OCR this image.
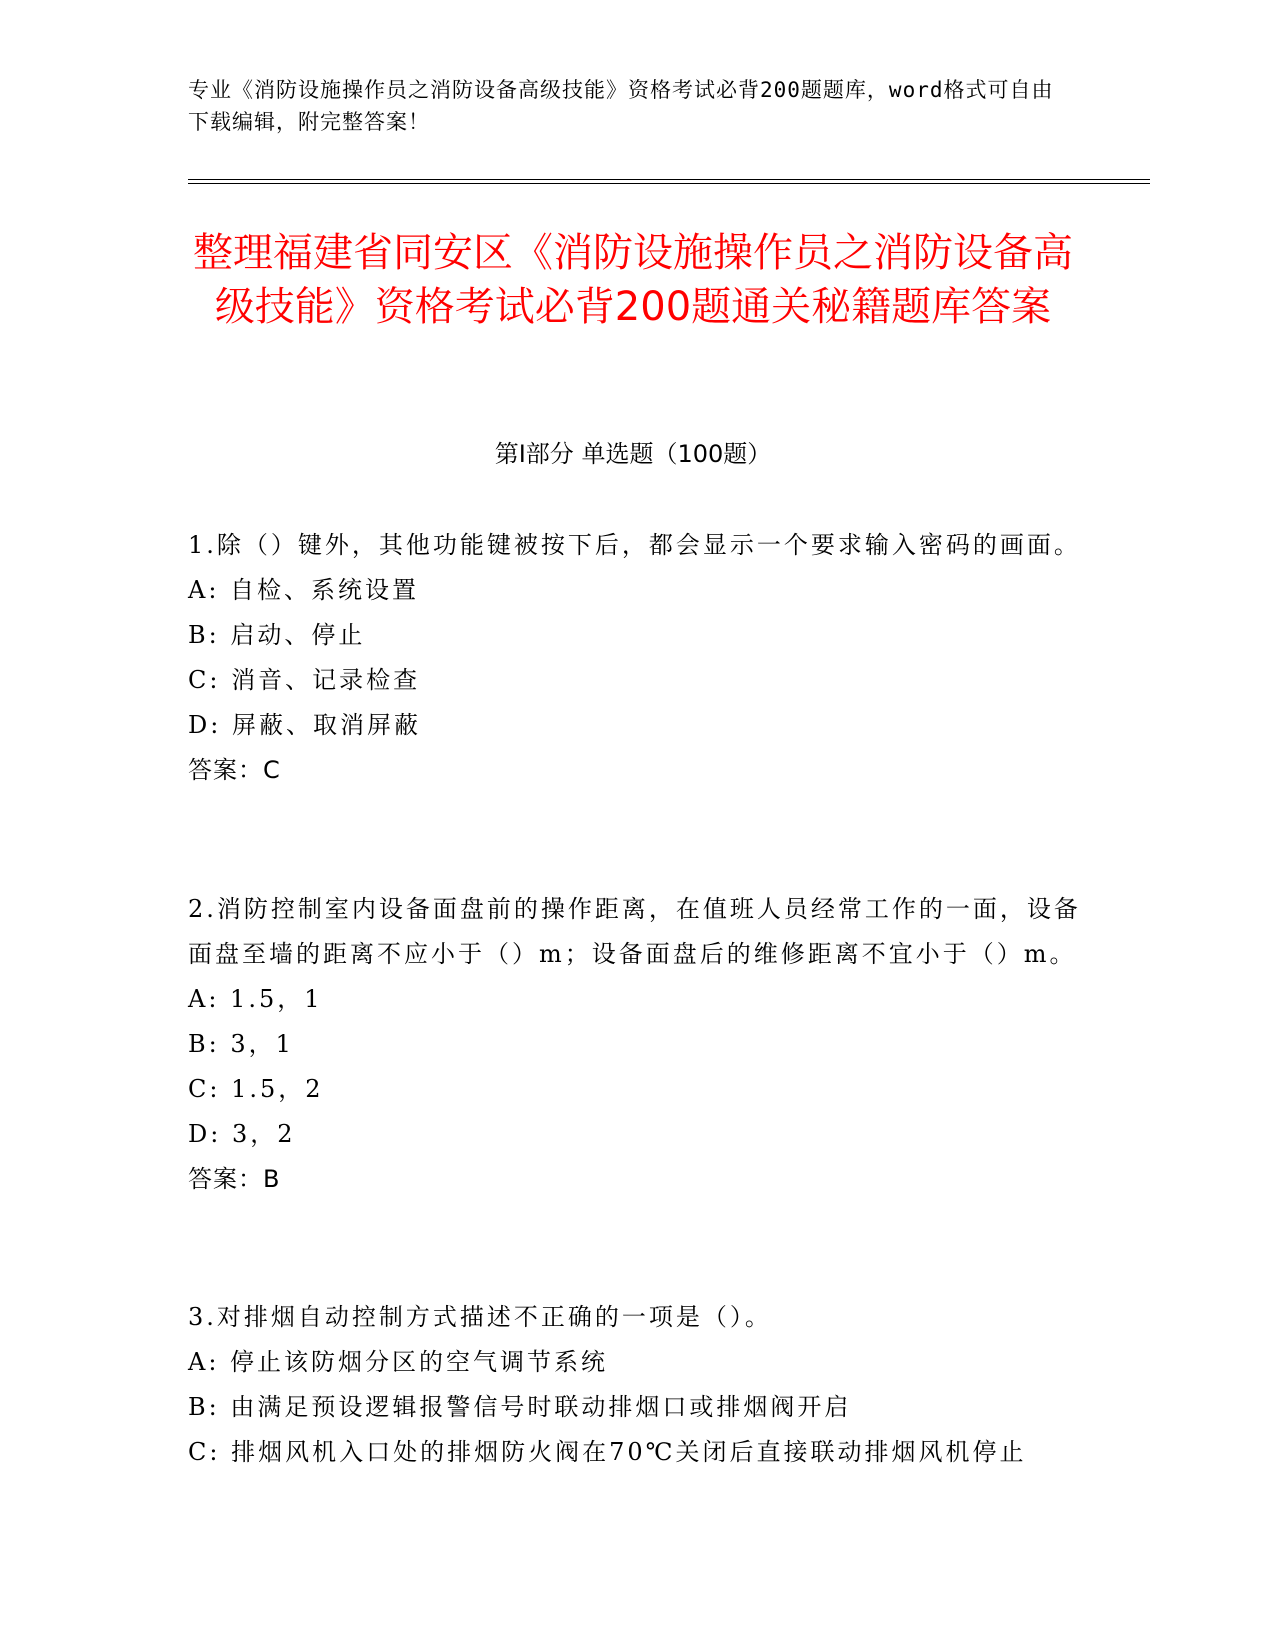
专业《消防设施操作员之消防设备高级技能》资格考试必背200题题库，word格式可自由下载编辑，附完整答案！
整理福建省同安区《消防设施操作员之消防设备高级技能》资格考试必背200题通关秘籍题库答案
第Ⅰ部分 单选题（100题）
1.除（）键外，其他功能键被按下后，都会显示一个要求输入密码的画面。
A: 自检、系统设置
B: 启动、停止
C: 消音、记录检查
D: 屏蔽、取消屏蔽
答案：C
2.消防控制室内设备面盘前的操作距离，在值班人员经常工作的一面，设备面盘至墙的距离不应小于（）m；设备面盘后的维修距离不宜小于（）m。
A: 1.5，1
B: 3，1
C: 1.5，2
D: 3，2
答案：B
3.对排烟自动控制方式描述不正确的一项是（）。
A: 停止该防烟分区的空气调节系统
B: 由满足预设逻辑报警信号时联动排烟口或排烟阀开启
C: 排烟风机入口处的排烟防火阀在70℃关闭后直接联动排烟风机停止
